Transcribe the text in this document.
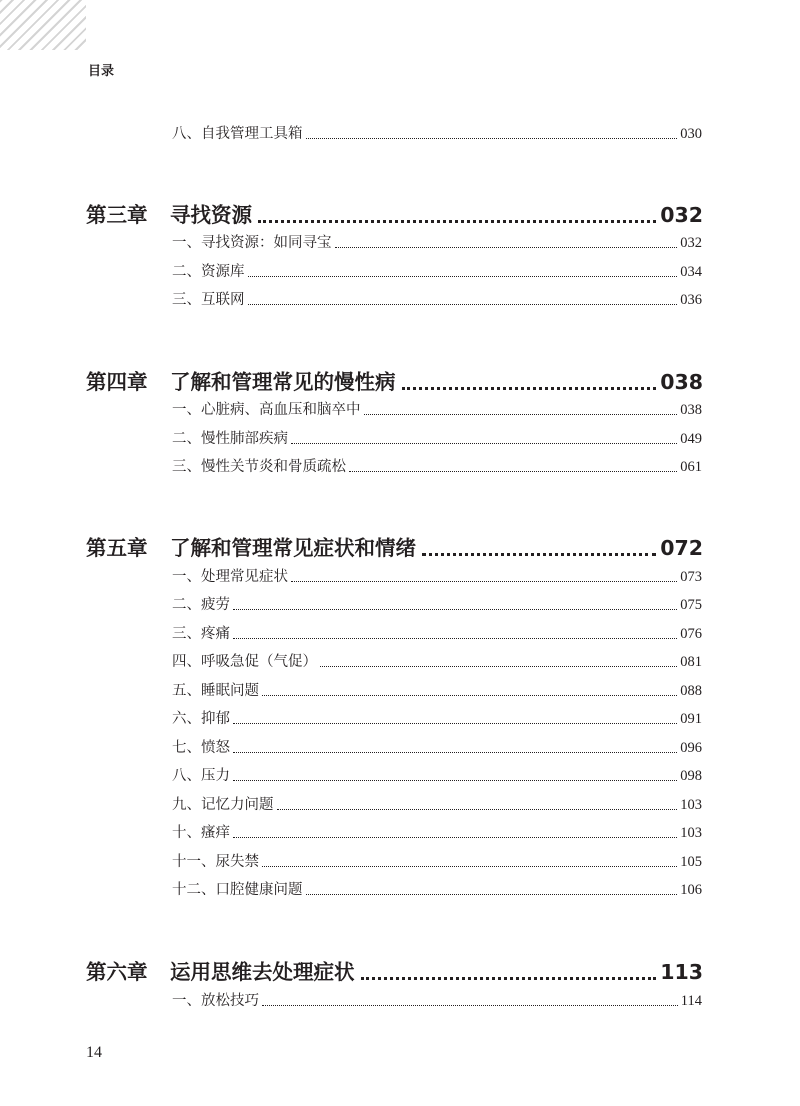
目录
八、自我管理工具箱	030
第三章	寻找资源	032
一、寻找资源：如同寻宝	032
二、资源库	034
三、互联网	036
第四章	了解和管理常见的慢性病	038
一、心脏病、高血压和脑卒中	038
二、慢性肺部疾病	049
三、慢性关节炎和骨质疏松	061
第五章	了解和管理常见症状和情绪	072
一、处理常见症状	073
二、疲劳	075
三、疼痛	076
四、呼吸急促（气促）	081
五、睡眠问题	088
六、抑郁	091
七、愤怒	096
八、压力	098
九、记忆力问题	103
十、瘙痒	103
十一、尿失禁	105
十二、口腔健康问题	106
第六章	运用思维去处理症状	113
一、放松技巧	114
14
